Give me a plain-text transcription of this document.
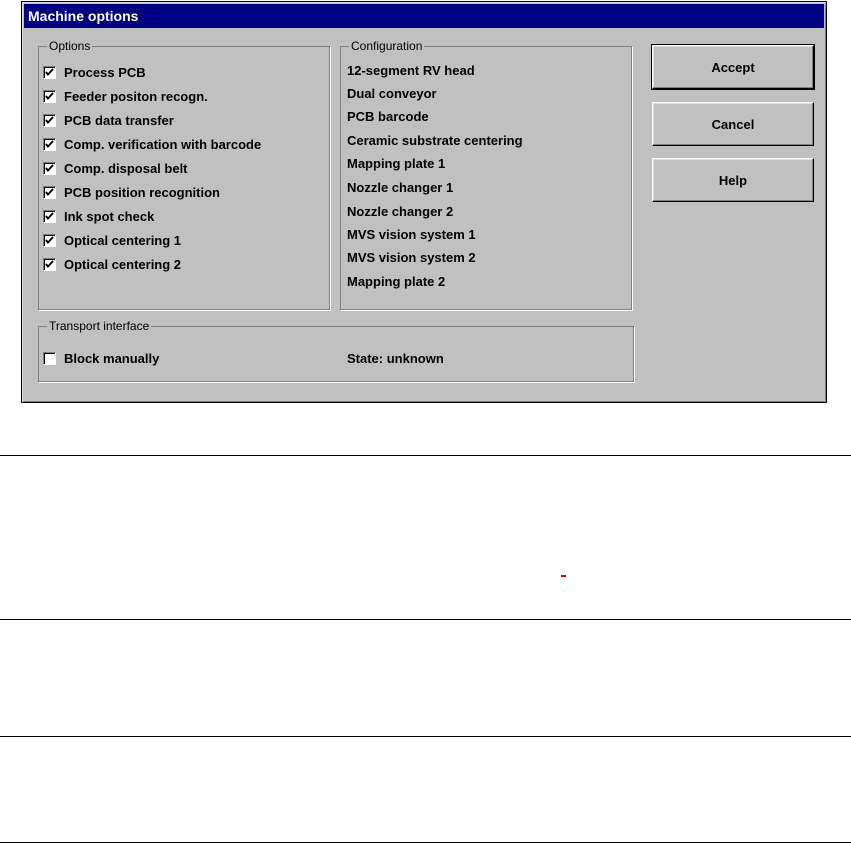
Machine options
Options
Process PCB
Feeder positon recogn.
PCB data transfer
Comp. verification with barcode
Comp. disposal belt
PCB position recognition
Ink spot check
Optical centering 1
Optical centering 2
Configuration
12-segment RV head
Dual conveyor
PCB barcode
Ceramic substrate centering
Mapping plate 1
Nozzle changer 1
Nozzle changer 2
MVS vision system 1
MVS vision system 2
Mapping plate 2
Accept
Cancel
Help
Transport interface
Block manually	State: unknown
